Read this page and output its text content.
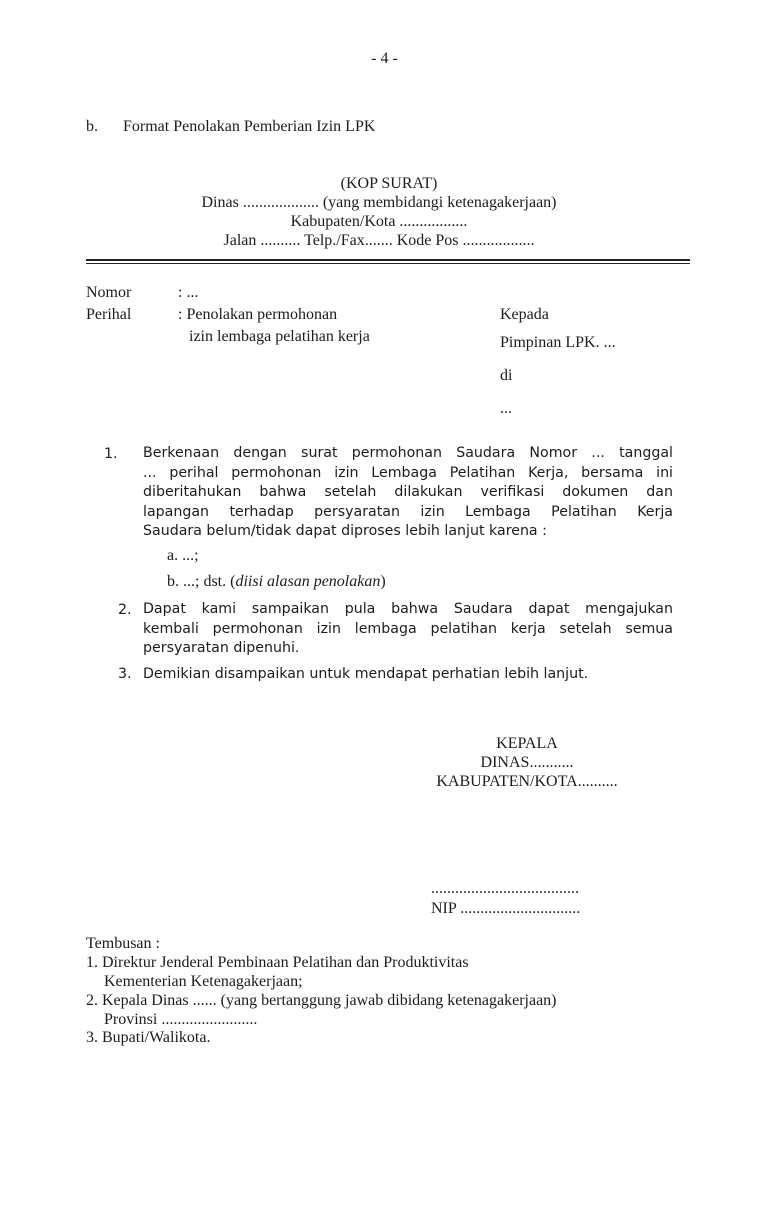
- 4 -
b. Format Penolakan Pemberian Izin LPK
(KOP SURAT)
Dinas ................... (yang membidangi ketenagakerjaan)
Kabupaten/Kota .................
Jalan .......... Telp./Fax....... Kode Pos ..................
Nomor	: ...
Perihal	: Penolakan permohonan
izin lembaga pelatihan kerja
Kepada
Pimpinan LPK. ...
di
...
1. Berkenaan dengan surat permohonan Saudara Nomor ... tanggal
... perihal permohonan izin Lembaga Pelatihan Kerja, bersama ini
diberitahukan bahwa setelah dilakukan verifikasi dokumen dan
lapangan terhadap persyaratan izin Lembaga Pelatihan Kerja
Saudara belum/tidak dapat diproses lebih lanjut karena :
a. ...;
b. ...; dst. (diisi alasan penolakan)
2. Dapat kami sampaikan pula bahwa Saudara dapat mengajukan
kembali permohonan izin lembaga pelatihan kerja setelah semua
persyaratan dipenuhi.
3. Demikian disampaikan untuk mendapat perhatian lebih lanjut.
KEPALA
DINAS...........
KABUPATEN/KOTA..........
.....................................
NIP ..............................
Tembusan :
1. Direktur Jenderal Pembinaan Pelatihan dan Produktivitas
Kementerian Ketenagakerjaan;
2. Kepala Dinas ...... (yang bertanggung jawab dibidang ketenagakerjaan)
Provinsi ........................
3. Bupati/Walikota.
